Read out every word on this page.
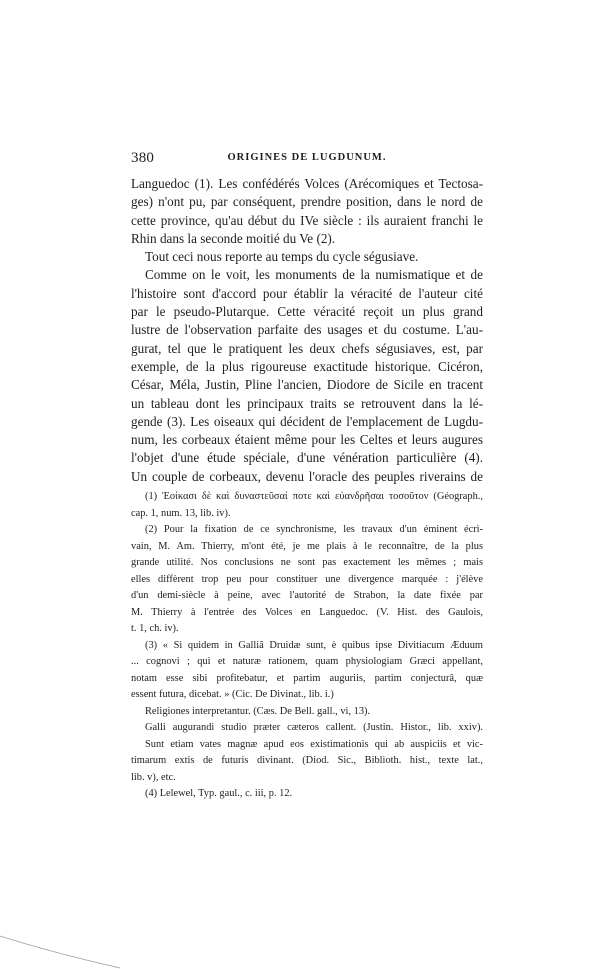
380	ORIGINES DE LUGDUNUM.
Languedoc (1). Les confédérés Volces (Arécomiques et Tectosa-
ges) n'ont pu, par conséquent, prendre position, dans le nord de
cette province, qu'au début du IVe siècle : ils auraient franchi le
Rhin dans la seconde moitié du Ve (2).
Tout ceci nous reporte au temps du cycle ségusiave.
Comme on le voit, les monuments de la numismatique et de
l'histoire sont d'accord pour établir la véracité de l'auteur cité
par le pseudo-Plutarque. Cette véracité reçoit un plus grand
lustre de l'observation parfaite des usages et du costume. L'au-
gurat, tel que le pratiquent les deux chefs ségusiaves, est, par
exemple, de la plus rigoureuse exactitude historique. Cicéron,
César, Méla, Justin, Pline l'ancien, Diodore de Sicile en tracent
un tableau dont les principaux traits se retrouvent dans la lé-
gende (3). Les oiseaux qui décident de l'emplacement de Lugdu-
num, les corbeaux étaient même pour les Celtes et leurs augures
l'objet d'une étude spéciale, d'une vénération particulière (4).
Un couple de corbeaux, devenu l'oracle des peuples riverains de
(1) Ἐοίκασι δὲ καὶ δυναστεῦσαί ποτε καὶ εὐανδρῆσαι τοσοῦτον (Géograph.,
cap. 1, num. 13, lib. iv).
(2) Pour la fixation de ce synchronisme, les travaux d'un éminent écri-
vain, M. Am. Thierry, m'ont été, je me plais à le reconnaître, de la plus
grande utilité. Nos conclusions ne sont pas exactement les mêmes ; mais
elles diffèrent trop peu pour constituer une divergence marquée : j'élève
d'un demi-siècle à peine, avec l'autorité de Strabon, la date fixée par
M. Thierry à l'entrée des Volces en Languedoc. (V. Hist. des Gaulois,
t. 1, ch. iv).
(3) « Si quidem in Galliâ Druidæ sunt, è quibus ipse Divitiacum Æduum
... cognovi ; qui et naturæ rationem, quam physiologiam Græci appellant,
notam esse sibi profitebatur, et partim auguriis, partim conjecturâ, quæ
essent futura, dicebat. » (Cic. De Divinat., lib. i.)
Religiones interpretantur. (Cæs. De Bell. gall., vi, 13).
Galli augurandi studio præter cæteros callent. (Justin. Histor., lib. xxiv).
Sunt etiam vates magnæ apud eos existimationis qui ab auspiciis et vic-
timarum extis de futuris divinant. (Diod. Sic., Biblioth. hist., texte lat.,
lib. v), etc.
(4) Lelewel, Typ. gaul., c. iii, p. 12.
